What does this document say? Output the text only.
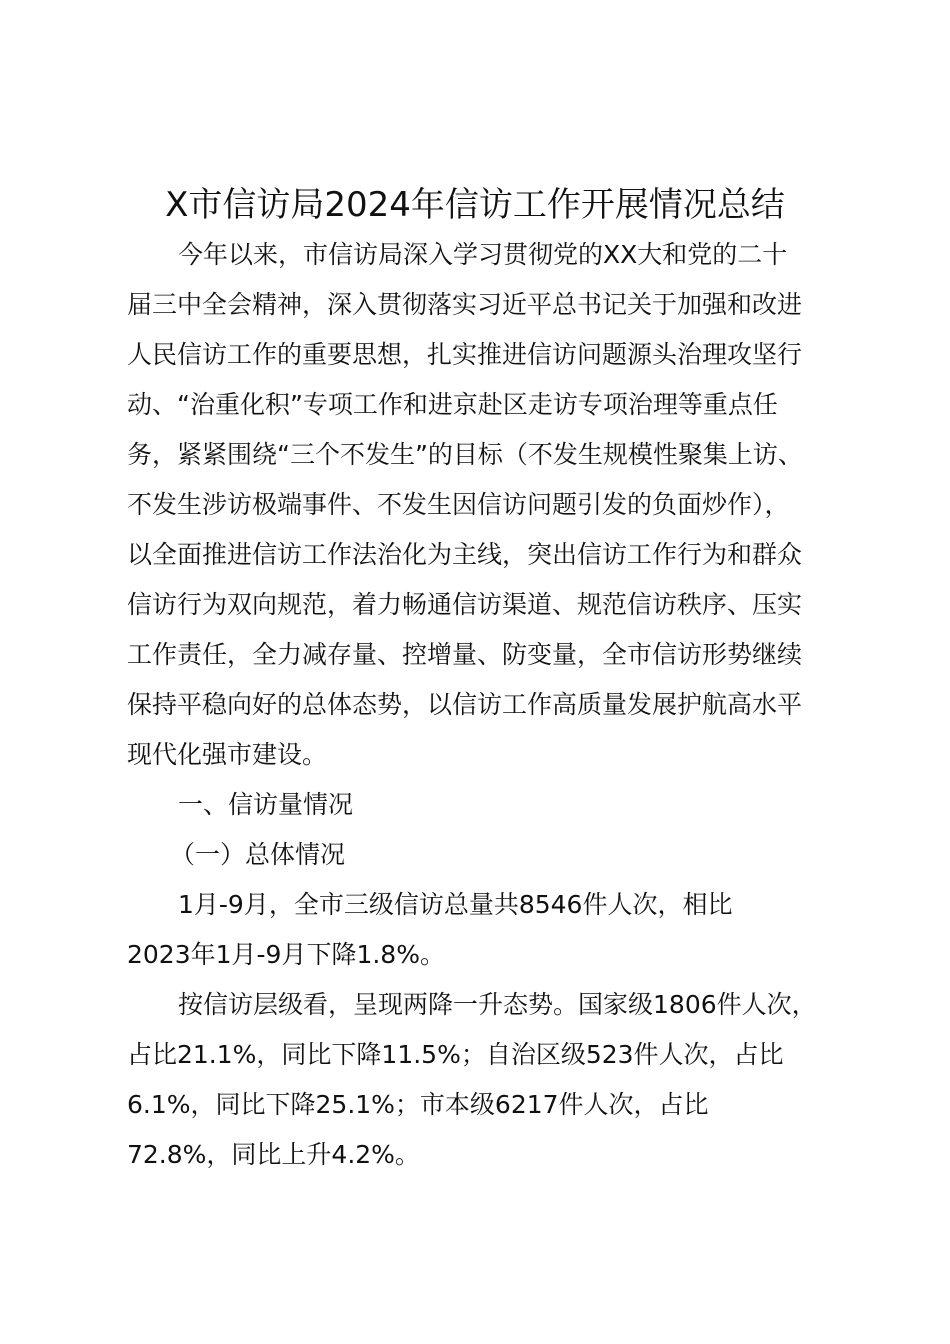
X市信访局2024年信访工作开展情况总结
今年以来，市信访局深入学习贯彻党的XX大和党的二十
届三中全会精神，深入贯彻落实习近平总书记关于加强和改进
人民信访工作的重要思想，扎实推进信访问题源头治理攻坚行
动、“治重化积”专项工作和进京赴区走访专项治理等重点任
务，紧紧围绕“三个不发生”的目标（不发生规模性聚集上访、
不发生涉访极端事件、不发生因信访问题引发的负面炒作），
以全面推进信访工作法治化为主线，突出信访工作行为和群众
信访行为双向规范，着力畅通信访渠道、规范信访秩序、压实
工作责任，全力减存量、控增量、防变量，全市信访形势继续
保持平稳向好的总体态势，以信访工作高质量发展护航高水平
现代化强市建设。
一、信访量情况
（一）总体情况
1月-9月，全市三级信访总量共8546件人次，相比
2023年1月-9月下降1.8%。
按信访层级看，呈现两降一升态势。国家级1806件人次，
占比21.1%，同比下降11.5%；自治区级523件人次，占比
6.1%，同比下降25.1%；市本级6217件人次，占比
72.8%，同比上升4.2%。
